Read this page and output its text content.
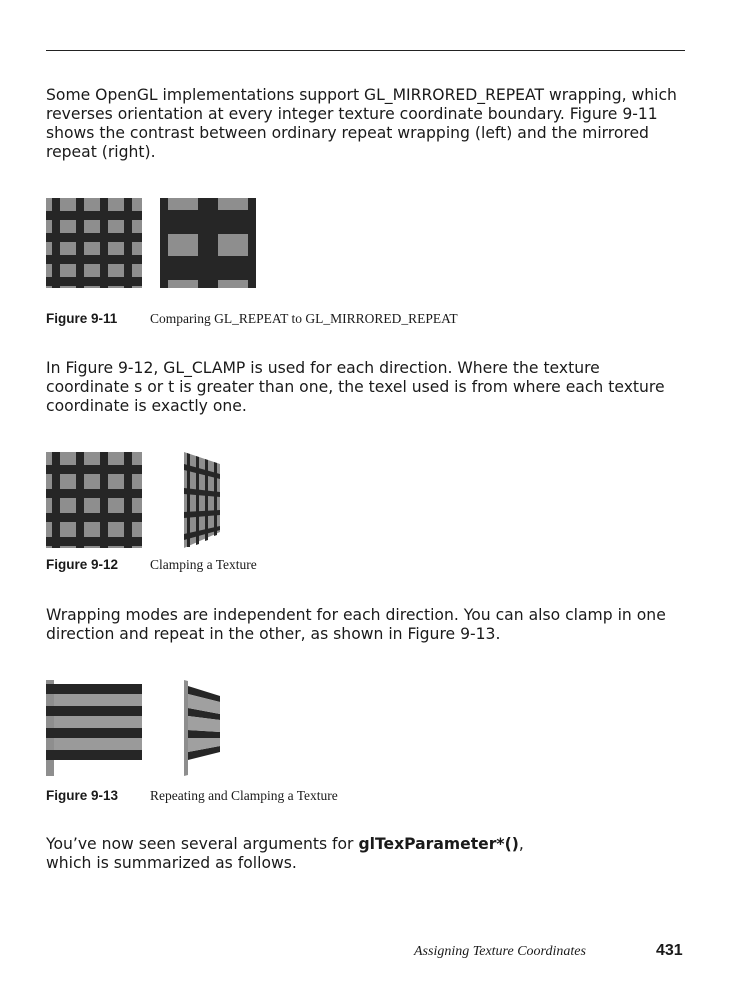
Some OpenGL implementations support GL_MIRRORED_REPEAT wrapping, which reverses orientation at every integer texture coordinate boundary. Figure 9-11 shows the contrast between ordinary repeat wrapping (left) and the mirrored repeat (right).

Figure 9-11 Comparing GL_REPEAT to GL_MIRRORED_REPEAT

In Figure 9-12, GL_CLAMP is used for each direction. Where the texture coordinate s or t is greater than one, the texel used is from where each texture coordinate is exactly one.

Figure 9-12 Clamping a Texture

Wrapping modes are independent for each direction. You can also clamp in one direction and repeat in the other, as shown in Figure 9-13.

Figure 9-13 Repeating and Clamping a Texture

You’ve now seen several arguments for glTexParameter*(), which is summarized as follows.

Assigning Texture Coordinates	431
